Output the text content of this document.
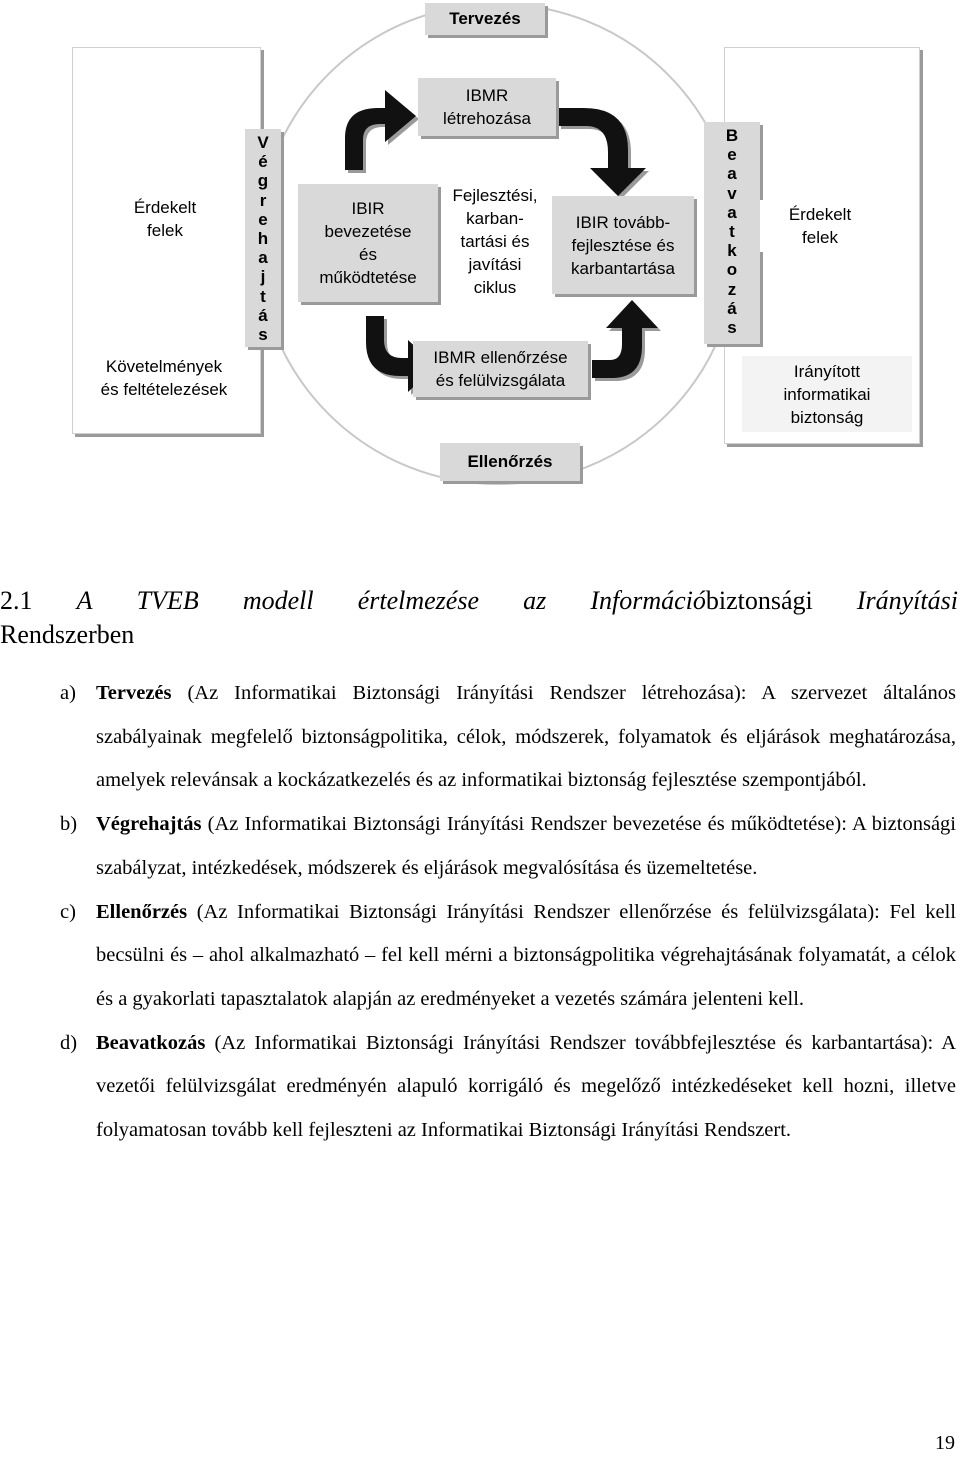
Tervezés
Ellenőrzés
V
é
g
r
e
h
a
j
t
á
s
B
e
a
v
a
t
k
o
z
á
s
Érdekelt
felek
Követelmények
és feltételezések
Érdekelt
felek
Irányított
informatikai
biztonság
IBMR
létrehozása
IBIR
bevezetése
és
működtetése
Fejlesztési,
karban-
tartási és
javítási
ciklus
IBIR tovább-
fejlesztése és
karbantartása
IBMR ellenőrzése
és felülvizsgálata
2.1 A TVEB modell értelmezése az Információbiztonsági Irányítási
Rendszerben
a) Tervezés (Az Informatikai Biztonsági Irányítási Rendszer létrehozása): A szervezet általános szabályainak megfelelő biztonságpolitika, célok, módszerek, folyamatok és eljárások meghatározása, amelyek relevánsak a kockázatkezelés és az informatikai biztonság fejlesztése szempontjából.
b) Végrehajtás (Az Informatikai Biztonsági Irányítási Rendszer bevezetése és működtetése): A biztonsági szabályzat, intézkedések, módszerek és eljárások megvalósítása és üzemeltetése.
c) Ellenőrzés (Az Informatikai Biztonsági Irányítási Rendszer ellenőrzése és felülvizsgálata): Fel kell becsülni és – ahol alkalmazható – fel kell mérni a biztonságpolitika végrehajtásának folyamatát, a célok és a gyakorlati tapasztalatok alapján az eredményeket a vezetés számára jelenteni kell.
d) Beavatkozás (Az Informatikai Biztonsági Irányítási Rendszer továbbfejlesztése és karbantartása): A vezetői felülvizsgálat eredményén alapuló korrigáló és megelőző intézkedéseket kell hozni, illetve folyamatosan tovább kell fejleszteni az Informatikai Biztonsági Irányítási Rendszert.
19
